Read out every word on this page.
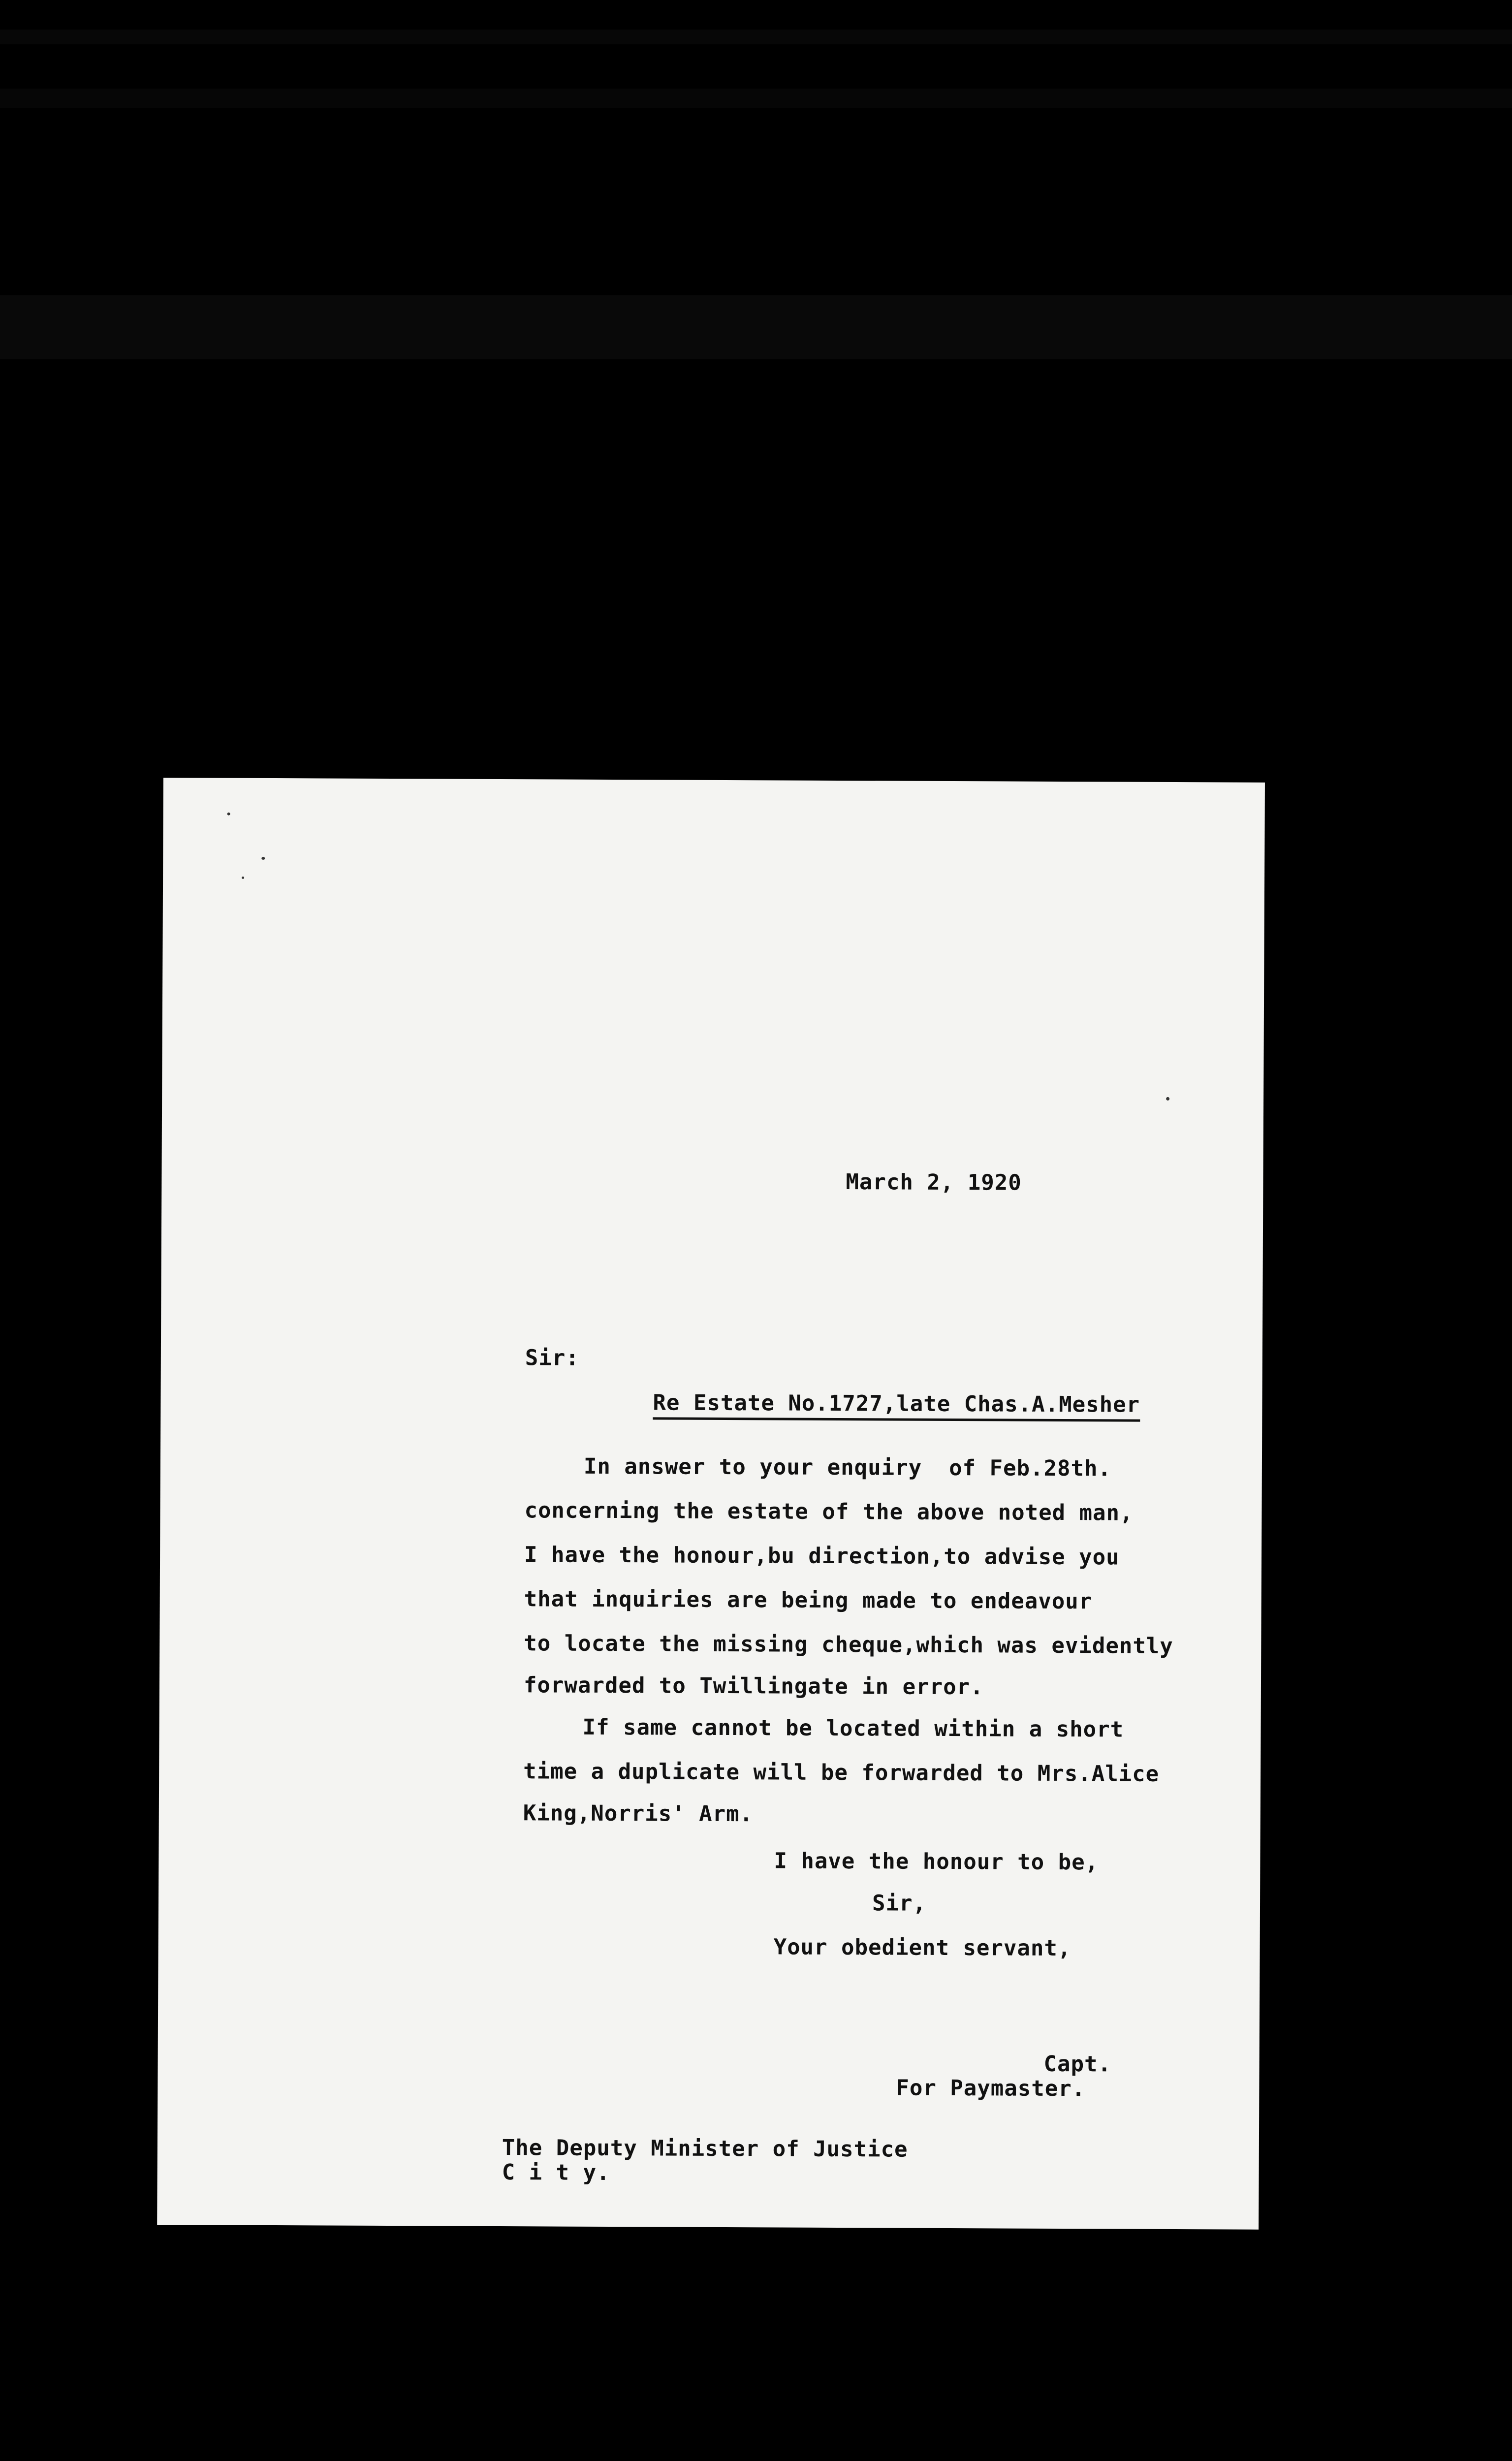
March 2, 1920
Sir:
Re Estate No.1727,late Chas.A.Mesher
In answer to your enquiry  of Feb.28th.
concerning the estate of the above noted man,
I have the honour,bu direction,to advise you
that inquiries are being made to endeavour
to locate the missing cheque,which was evidently
forwarded to Twillingate in error.
If same cannot be located within a short
time a duplicate will be forwarded to Mrs.Alice
King,Norris' Arm.
I have the honour to be,
Sir,
Your obedient servant,
Capt.
For Paymaster.
The Deputy Minister of Justice
C i t y.
